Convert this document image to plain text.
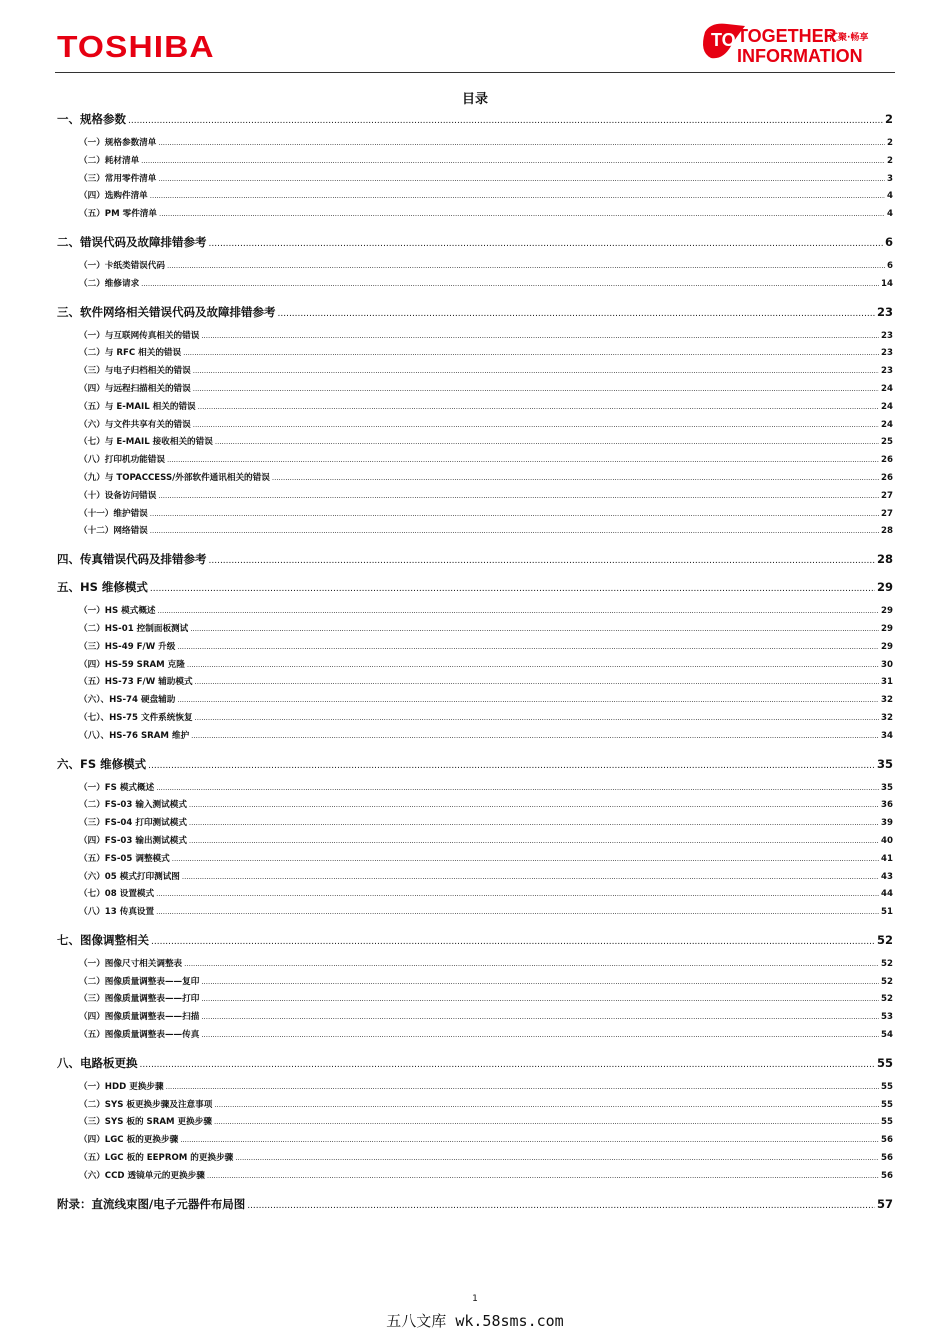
TOSHIBA	TO TOGETHER
汇聚·畅享
INFORMATION
目录
一、规格参数 .....	2
（一）规格参数清单 .....	2
（二）耗材清单 .....	2
（三）常用零件清单 .....	3
（四）选购件清单 .....	4
（五）PM 零件清单 .....	4
二、错误代码及故障排错参考 .....	6
（一）卡纸类错误代码 .....	6
（二）维修请求 .....	14
三、软件网络相关错误代码及故障排错参考 .....	23
（一）与互联网传真相关的错误 .....	23
（二）与 RFC 相关的错误 .....	23
（三）与电子归档相关的错误 .....	23
（四）与远程扫描相关的错误 .....	24
（五）与 E-MAIL 相关的错误 .....	24
（六）与文件共享有关的错误 .....	24
（七）与 E-MAIL 接收相关的错误 .....	25
（八）打印机功能错误 .....	26
（九）与 TOPACCESS/外部软件通讯相关的错误 .....	26
（十）设备访问错误 .....	27
（十一）维护错误 .....	27
（十二）网络错误 .....	28
四、传真错误代码及排错参考 .....	28
五、HS 维修模式 .....	29
（一）HS 模式概述 .....	29
（二）HS-01 控制面板测试 .....	29
（三）HS-49 F/W 升级 .....	29
（四）HS-59 SRAM 克隆 .....	30
（五）HS-73 F/W 辅助模式 .....	31
（六）、HS-74 硬盘辅助 .....	32
（七）、HS-75 文件系统恢复 .....	32
（八）、HS-76 SRAM 维护 .....	34
六、FS 维修模式 .....	35
（一）FS 模式概述 .....	35
（二）FS-03 输入测试模式 .....	36
（三）FS-04 打印测试模式 .....	39
（四）FS-03 输出测试模式 .....	40
（五）FS-05 调整模式 .....	41
（六）05 模式打印测试图 .....	43
（七）08 设置模式 .....	44
（八）13 传真设置 .....	51
七、图像调整相关 .....	52
（一）图像尺寸相关调整表 .....	52
（二）图像质量调整表——复印 .....	52
（三）图像质量调整表——打印 .....	52
（四）图像质量调整表——扫描 .....	53
（五）图像质量调整表——传真 .....	54
八、电路板更换 .....	55
（一）HDD 更换步骤 .....	55
（二）SYS 板更换步骤及注意事项 .....	55
（三）SYS 板的 SRAM 更换步骤 .....	55
（四）LGC 板的更换步骤 .....	56
（五）LGC 板的 EEPROM 的更换步骤 .....	56
（六）CCD 透镜单元的更换步骤 .....	56
附录：直流线束图/电子元器件布局图 .....	57
1
五八文库 wk.58sms.com
